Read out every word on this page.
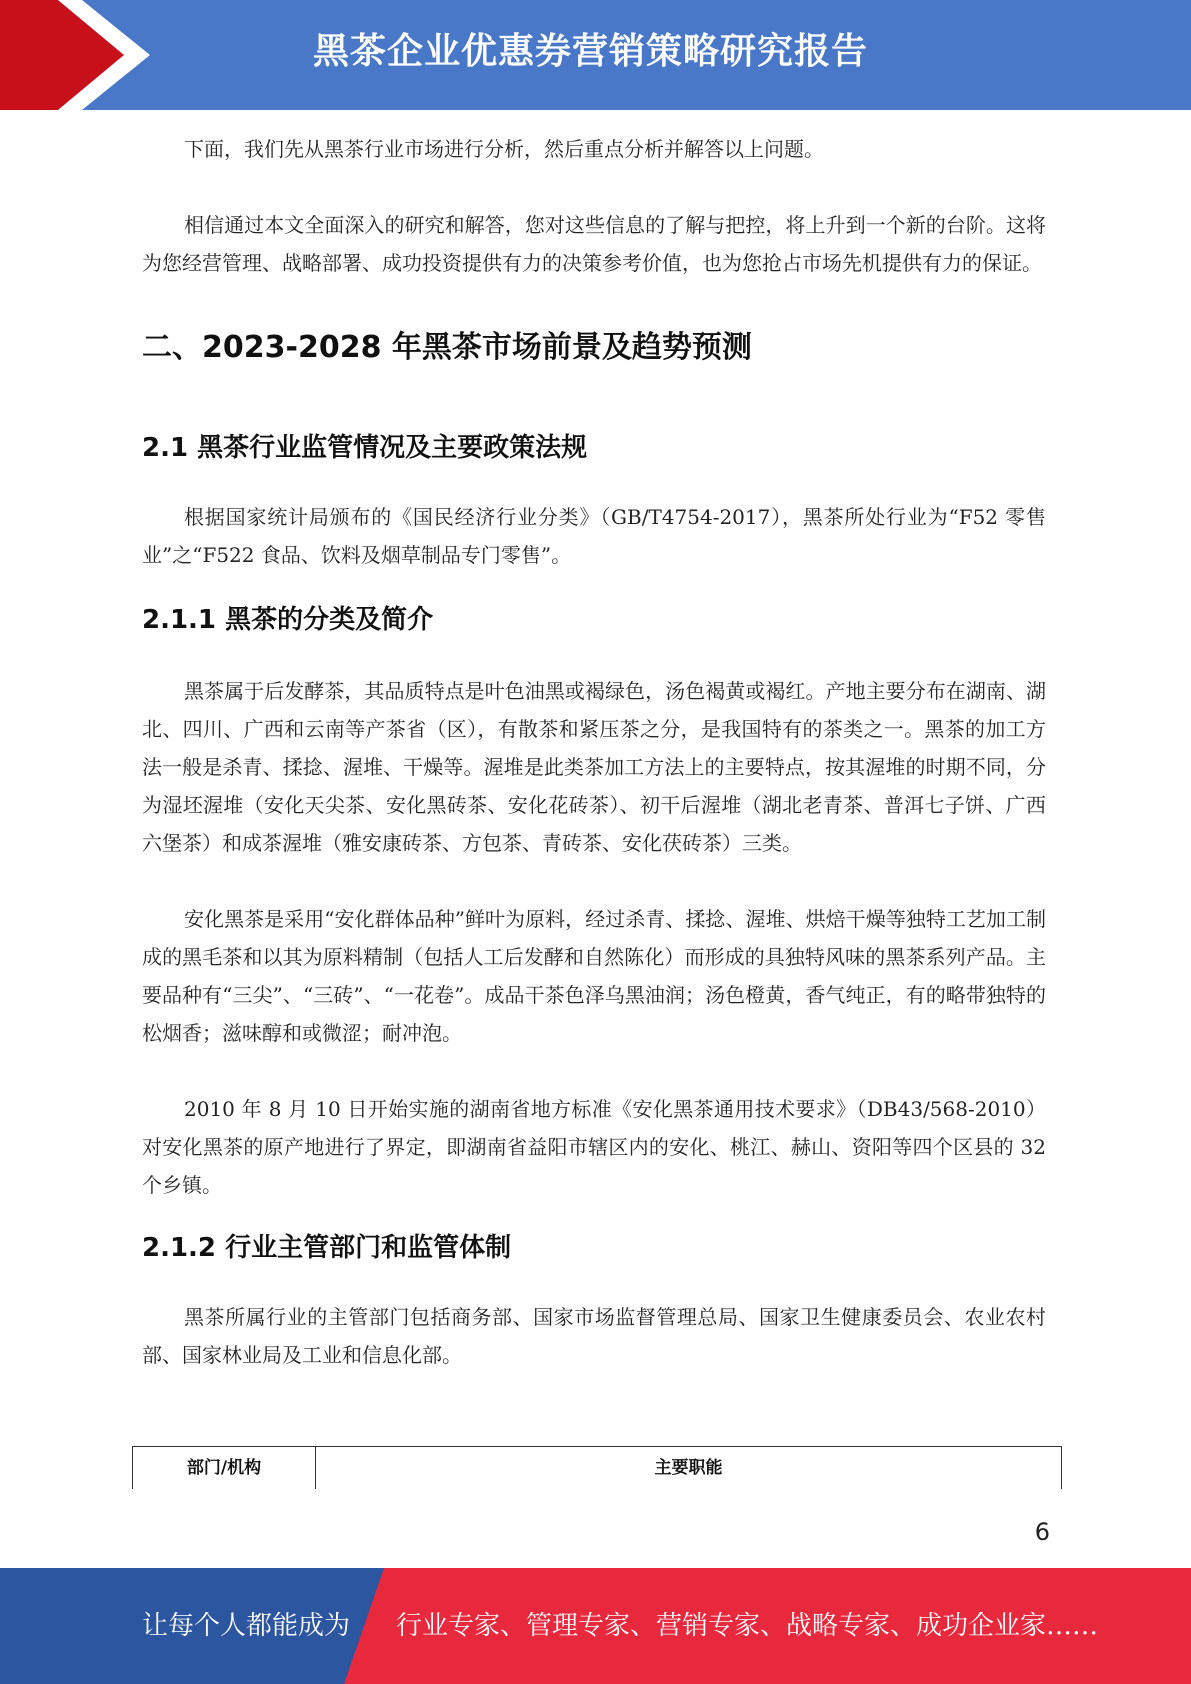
黑茶企业优惠券营销策略研究报告

下面，我们先从黑茶行业市场进行分析，然后重点分析并解答以上问题。

相信通过本文全面深入的研究和解答，您对这些信息的了解与把控，将上升到一个新的台阶。这将为您经营管理、战略部署、成功投资提供有力的决策参考价值，也为您抢占市场先机提供有力的保证。

二、2023-2028 年黑茶市场前景及趋势预测
2.1 黑茶行业监管情况及主要政策法规

根据国家统计局颁布的《国民经济行业分类》（GB/T4754-2017），黑茶所处行业为“F52 零售业”之“F522 食品、饮料及烟草制品专门零售”。

2.1.1 黑茶的分类及简介

黑茶属于后发酵茶，其品质特点是叶色油黑或褐绿色，汤色褐黄或褐红。产地主要分布在湖南、湖北、四川、广西和云南等产茶省（区），有散茶和紧压茶之分，是我国特有的茶类之一。黑茶的加工方法一般是杀青、揉捻、渥堆、干燥等。渥堆是此类茶加工方法上的主要特点，按其渥堆的时期不同，分为湿坯渥堆（安化天尖茶、安化黑砖茶、安化花砖茶）、初干后渥堆（湖北老青茶、普洱七子饼、广西六堡茶）和成茶渥堆（雅安康砖茶、方包茶、青砖茶、安化茯砖茶）三类。

安化黑茶是采用“安化群体品种”鲜叶为原料，经过杀青、揉捻、渥堆、烘焙干燥等独特工艺加工制成的黑毛茶和以其为原料精制（包括人工后发酵和自然陈化）而形成的具独特风味的黑茶系列产品。主要品种有“三尖”、“三砖”、“一花卷”。成品干茶色泽乌黑油润；汤色橙黄，香气纯正，有的略带独特的松烟香；滋味醇和或微涩；耐冲泡。

2010 年 8 月 10 日开始实施的湖南省地方标准《安化黑茶通用技术要求》（DB43/568-2010）对安化黑茶的原产地进行了界定，即湖南省益阳市辖区内的安化、桃江、赫山、资阳等四个区县的 32 个乡镇。

2.1.2 行业主管部门和监管体制

黑茶所属行业的主管部门包括商务部、国家市场监督管理总局、国家卫生健康委员会、农业农村部、国家林业局及工业和信息化部。

部门/机构	主要职能
6
让每个人都能成为 行业专家、管理专家、营销专家、战略专家、成功企业家……
